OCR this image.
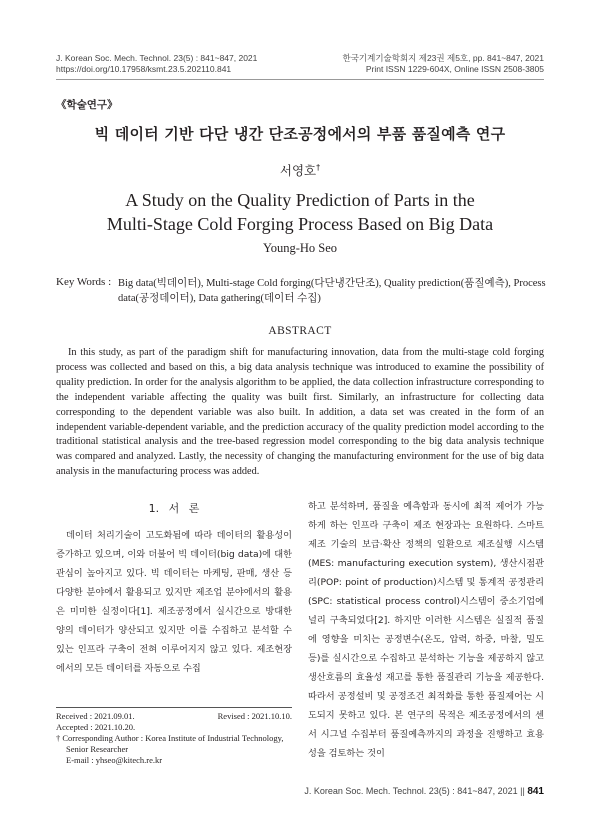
J. Korean Soc. Mech. Technol. 23(5) : 841~847, 2021
https://doi.org/10.17958/ksmt.23.5.202110.841
한국기계기술학회지 제23권 제5호, pp. 841~847, 2021
Print ISSN 1229-604X, Online ISSN 2508-3805
《학술연구》
빅 데이터 기반 다단 냉간 단조공정에서의 부품 품질예측 연구
서영호†
A Study on the Quality Prediction of Parts in the
Multi-Stage Cold Forging Process Based on Big Data
Young-Ho Seo
Key Words : Big data(빅데이터), Multi-stage Cold forging(다단냉간단조), Quality prediction(품질예측), Process data(공정데이터), Data gathering(데이터 수집)
ABSTRACT
In this study, as part of the paradigm shift for manufacturing innovation, data from the multi-stage cold forging process was collected and based on this, a big data analysis technique was introduced to examine the possibility of quality prediction. In order for the analysis algorithm to be applied, the data collection infrastructure corresponding to the independent variable affecting the quality was built first. Similarly, an infrastructure for collecting data corresponding to the dependent variable was also built. In addition, a data set was created in the form of an independent variable-dependent variable, and the prediction accuracy of the quality prediction model according to the traditional statistical analysis and the tree-based regression model corresponding to the big data analysis technique was compared and analyzed. Lastly, the necessity of changing the manufacturing environment for the use of big data analysis in the manufacturing process was added.
1. 서 론
데이터 처리기술이 고도화됨에 따라 데이터의 활용성이 증가하고 있으며, 이와 더불어 빅 데이터(big data)에 대한 관심이 높아지고 있다. 빅 데이터는 마케팅, 판매, 생산 등 다양한 분야에서 활용되고 있지만 제조업 분야에서의 활용은 미미한 실정이다[1]. 제조공정에서 실시간으로 방대한 양의 데이터가 양산되고 있지만 이를 수집하고 분석할 수 있는 인프라 구축이 전혀 이루어지지 않고 있다. 제조현장에서의 모든 데이터를 자동으로 수집
하고 분석하며, 품질을 예측함과 동시에 최적 제어가 가능하게 하는 인프라 구축이 제조 현장과는 요원하다. 스마트 제조 기술의 보급·확산 정책의 일환으로 제조실행 시스템(MES: manufacturing execution system), 생산시점관리(POP: point of production)시스템 및 통계적 공정관리(SPC: statistical process control)시스템이 중소기업에 널리 구축되었다[2]. 하지만 이러한 시스템은 실질적 품질에 영향을 미치는 공정변수(온도, 압력, 하중, 마찰, 밀도 등)를 실시간으로 수집하고 분석하는 기능을 제공하지 않고 생산흐름의 효율성 재고를 통한 품질관리 기능을 제공한다. 따라서 공정설비 및 공정조건 최적화를 통한 품질제어는 시도되지 못하고 있다. 본 연구의 목적은 제조공정에서의 센서 시그널 수집부터 품질예측까지의 과정을 진행하고 효용성을 검토하는 것이
Received : 2021.09.01.	Revised : 2021.10.10.
Accepted : 2021.10.20.
† Corresponding Author : Korea Institute of Industrial Technology,
Senior Researcher
E-mail : yhseo@kitech.re.kr
J. Korean Soc. Mech. Technol. 23(5) : 841~847, 2021 || 841
